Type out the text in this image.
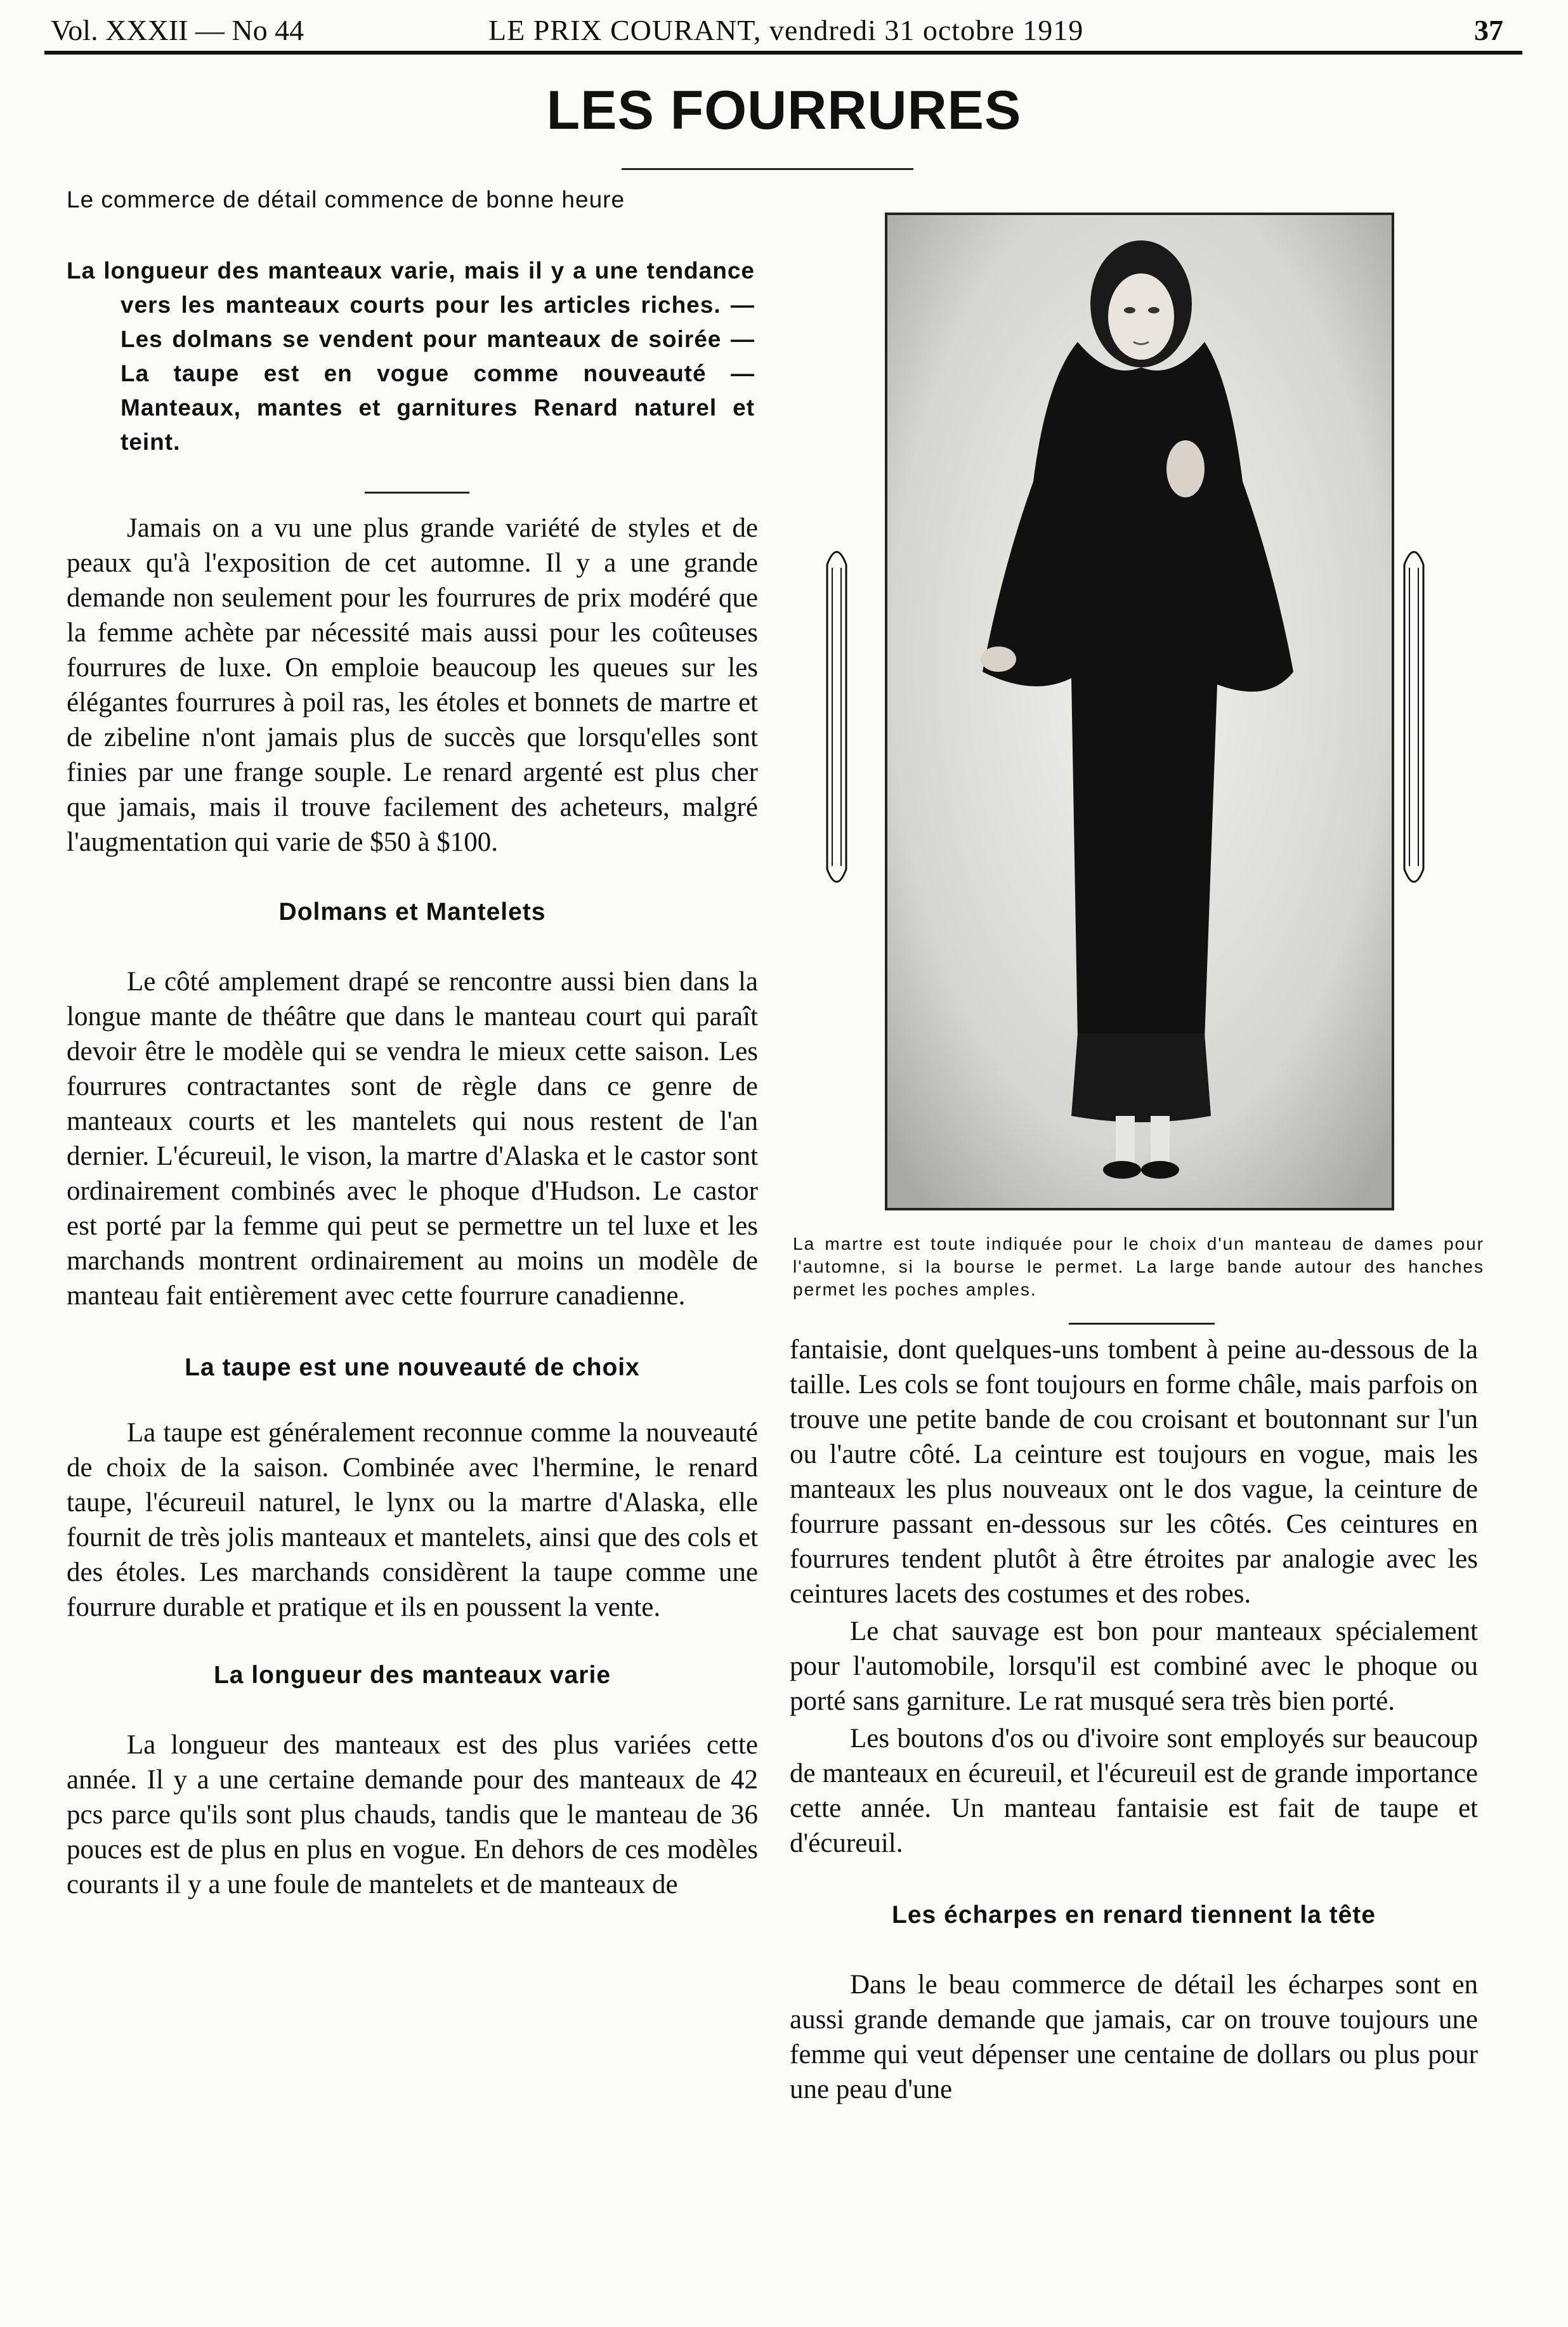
Vol. XXXII — No 44	LE PRIX COURANT, vendredi 31 octobre 1919	37
LES FOURRURES
Le commerce de détail commence de bonne heure

La longueur des manteaux varie, mais il y a une tendance vers les manteaux courts pour les articles riches. — Les dolmans se vendent pour manteaux de soirée — La taupe est en vogue comme nouveauté — Manteaux, mantes et garnitures Renard naturel et teint.

Jamais on a vu une plus grande variété de styles et de peaux qu'à l'exposition de cet automne. Il y a une grande demande non seulement pour les fourrures de prix modéré que la femme achète par nécessité mais aussi pour les coûteuses fourrures de luxe. On emploie beaucoup les queues sur les élégantes fourrures à poil ras, les étoles et bonnets de martre et de zibeline n'ont jamais plus de succès que lorsqu'elles sont finies par une frange souple. Le renard argenté est plus cher que jamais, mais il trouve facilement des acheteurs, malgré l'augmentation qui varie de $50 à $100.

Dolmans et Mantelets

Le côté amplement drapé se rencontre aussi bien dans la longue mante de théâtre que dans le manteau court qui paraît devoir être le modèle qui se vendra le mieux cette saison. Les fourrures contractantes sont de règle dans ce genre de manteaux courts et les mantelets qui nous restent de l'an dernier. L'écureuil, le vison, la martre d'Alaska et le castor sont ordinairement combinés avec le phoque d'Hudson. Le castor est porté par la femme qui peut se permettre un tel luxe et les marchands montrent ordinairement au moins un modèle de manteau fait entièrement avec cette fourrure canadienne.

La taupe est une nouveauté de choix

La taupe est généralement reconnue comme la nouveauté de choix de la saison. Combinée avec l'hermine, le renard taupe, l'écureuil naturel, le lynx ou la martre d'Alaska, elle fournit de très jolis manteaux et mantelets, ainsi que des cols et des étoles. Les marchands considèrent la taupe comme une fourrure durable et pratique et ils en poussent la vente.

La longueur des manteaux varie

La longueur des manteaux est des plus variées cette année. Il y a une certaine demande pour des manteaux de 42 pcs parce qu'ils sont plus chauds, tandis que le manteau de 36 pouces est de plus en plus en vogue. En dehors de ces modèles courants il y a une foule de mantelets et de manteaux de

La martre est toute indiquée pour le choix d'un manteau de dames pour l'automne, si la bourse le permet. La large bande autour des hanches permet les poches amples.

fantaisie, dont quelques-uns tombent à peine au-dessous de la taille. Les cols se font toujours en forme châle, mais parfois on trouve une petite bande de cou croisant et boutonnant sur l'un ou l'autre côté. La ceinture est toujours en vogue, mais les manteaux les plus nouveaux ont le dos vague, la ceinture de fourrure passant en-dessous sur les côtés. Ces ceintures en fourrures tendent plutôt à être étroites par analogie avec les ceintures lacets des costumes et des robes.

Le chat sauvage est bon pour manteaux spécialement pour l'automobile, lorsqu'il est combiné avec le phoque ou porté sans garniture. Le rat musqué sera très bien porté.

Les boutons d'os ou d'ivoire sont employés sur beaucoup de manteaux en écureuil, et l'écureuil est de grande importance cette année. Un manteau fantaisie est fait de taupe et d'écureuil.

Les écharpes en renard tiennent la tête

Dans le beau commerce de détail les écharpes sont en aussi grande demande que jamais, car on trouve toujours une femme qui veut dépenser une centaine de dollars ou plus pour une peau d'une
